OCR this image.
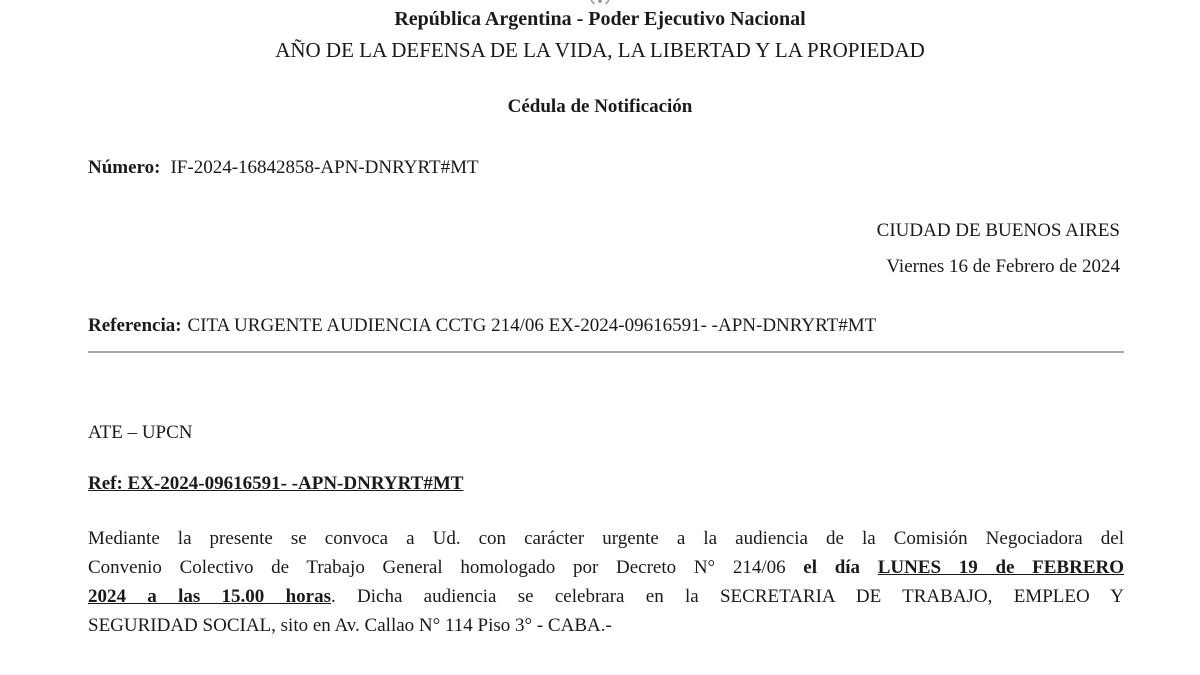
República Argentina - Poder Ejecutivo Nacional
AÑO DE LA DEFENSA DE LA VIDA, LA LIBERTAD Y LA PROPIEDAD
Cédula de Notificación
Número: IF-2024-16842858-APN-DNRYRT#MT
CIUDAD DE BUENOS AIRES
Viernes 16 de Febrero de 2024
Referencia: CITA URGENTE AUDIENCIA CCTG 214/06 EX-2024-09616591- -APN-DNRYRT#MT
ATE – UPCN
Ref: EX-2024-09616591- -APN-DNRYRT#MT
Mediante la presente se convoca a Ud. con carácter urgente a la audiencia de la Comisión Negociadora del
Convenio Colectivo de Trabajo General homologado por Decreto N° 214/06 el día LUNES 19 de FEBRERO
2024 a las 15.00 horas. Dicha audiencia se celebrara en la SECRETARIA DE TRABAJO, EMPLEO Y
SEGURIDAD SOCIAL, sito en Av. Callao N° 114 Piso 3° - CABA.-
